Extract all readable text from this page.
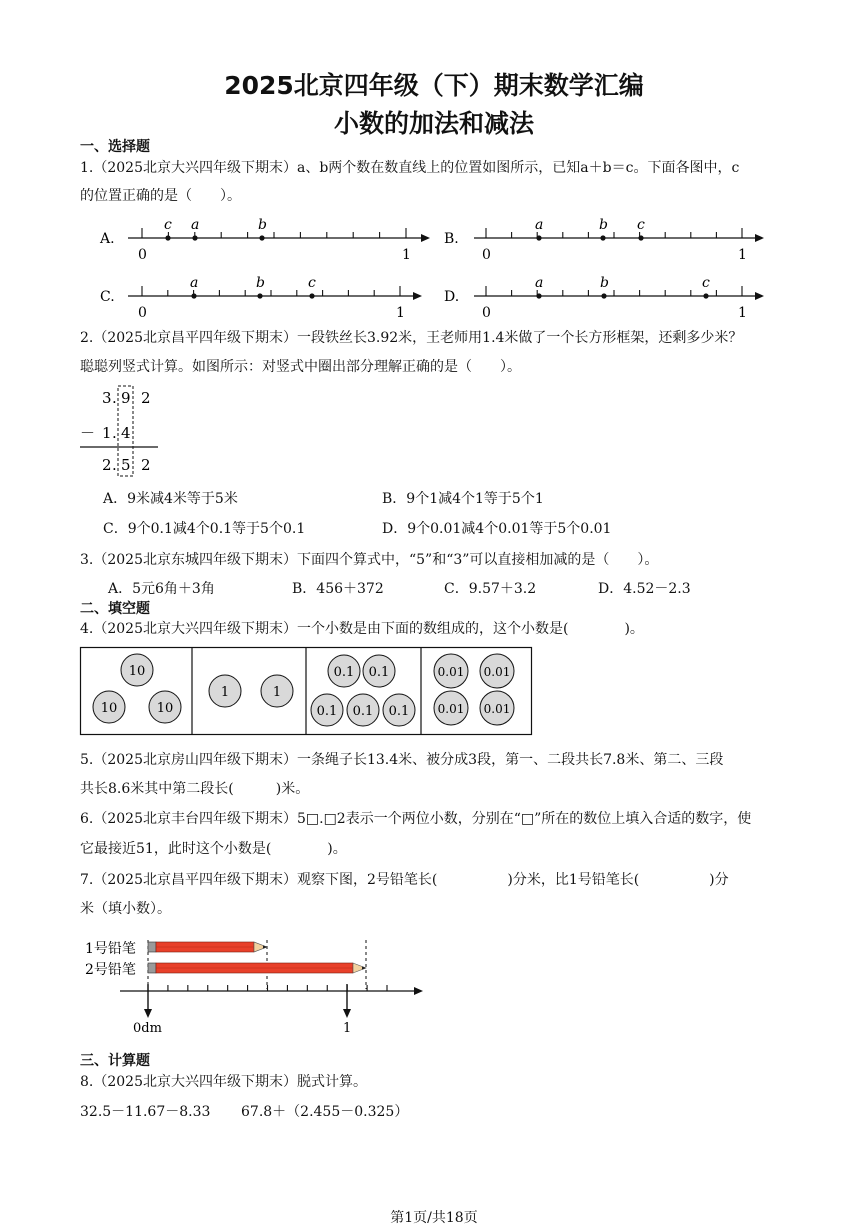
2025北京四年级（下）期末数学汇编
小数的加法和减法
一、选择题
1.（2025北京大兴四年级下期末）a、b两个数在数直线上的位置如图所示，已知a＋b＝c。下面各图中，c
的位置正确的是（　　）。
A.
0	1
c a	b
B.
0	1
a	b c
C.
0	1
a	b	c
D.
0	1
a	b	c
2.（2025北京昌平四年级下期末）一段铁丝长3.92米，王老师用1.4米做了一个长方形框架，还剩多少米？
聪聪列竖式计算。如图所示：对竖式中圈出部分理解正确的是（　　）。
3 . 9 2
－ 1 . 4
2 . 5 2
A．9米减4米等于5米	B．9个1减4个1等于5个1
C．9个0.1减4个0.1等于5个0.1	D．9个0.01减4个0.01等于5个0.01
3.（2025北京东城四年级下期末）下面四个算式中，“5”和“3”可以直接相加减的是（　　）。
A．5元6角＋3角	B．456＋372	C．9.57＋3.2	D．4.52－2.3
二、填空题
4.（2025北京大兴四年级下期末）一个小数是由下面的数组成的，这个小数是(　　　　)。
10
10	10
1	1
0.1 0.1
0.1 0.1 0.1
0.01 0.01
0.01 0.01
5.（2025北京房山四年级下期末）一条绳子长13.4米、被分成3段，第一、二段共长7.8米、第二、三段
共长8.6米其中第二段长(　　　)米。
6.（2025北京丰台四年级下期末）5□.□2表示一个两位小数，分别在“□”所在的数位上填入合适的数字，使
它最接近51，此时这个小数是(　　　　)。
7.（2025北京昌平四年级下期末）观察下图，2号铅笔长(　　　　　)分米，比1号铅笔长(　　　　　)分
米（填小数）。
1号铅笔
2号铅笔
0dm	1
三、计算题
8.（2025北京大兴四年级下期末）脱式计算。
32.5－11.67－8.33 67.8＋（2.455－0.325）
第1页/共18页
